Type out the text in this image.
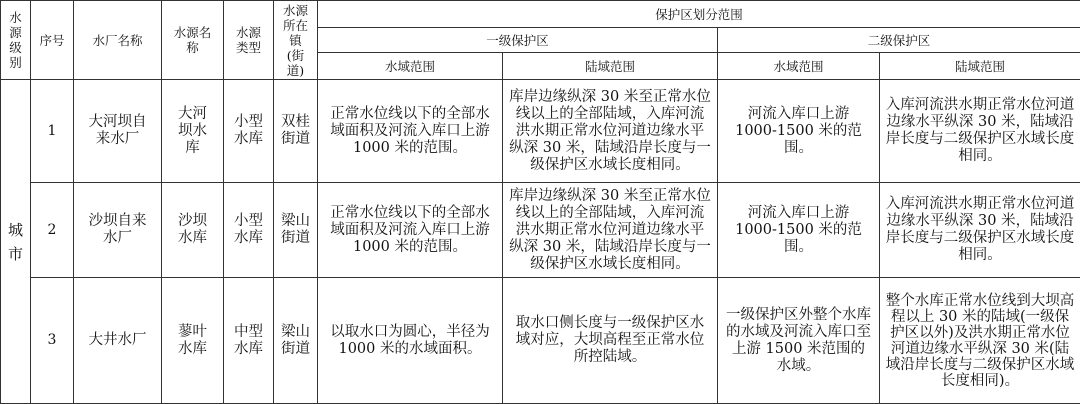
水源级别	序号	水厂名称	水源名称	水源类型	水源所在镇(街道)	保护区划分范围			
						一级保护区		二级保护区	
						水域范围	陆域范围	水域范围	陆域范围
城市	1	大河坝自来水厂	大河坝水库	小型水库	双桂街道	正常水位线以下的全部水域面积及河流入库口上游 1000 米的范围。	库岸边缘纵深 30 米至正常水位线以上的全部陆域，入库河流洪水期正常水位河道边缘水平纵深 30 米，陆域沿岸长度与一级保护区水域长度相同。	河流入库口上游 1000-1500 米的范围。	入库河流洪水期正常水位河道边缘水平纵深 30 米，陆域沿岸长度与二级保护区水域长度相同。
	2	沙坝自来水厂	沙坝水库	小型水库	梁山街道	正常水位线以下的全部水域面积及河流入库口上游 1000 米的范围。	库岸边缘纵深 30 米至正常水位线以上的全部陆域，入库河流洪水期正常水位河道边缘水平纵深 30 米，陆域沿岸长度与一级保护区水域长度相同。	河流入库口上游 1000-1500 米的范围。	入库河流洪水期正常水位河道边缘水平纵深 30 米，陆域沿岸长度与二级保护区水域长度相同。
	3	大井水厂	蓼叶水库	中型水库	梁山街道	以取水口为圆心，半径为 1000 米的水域面积。	取水口侧长度与一级保护区水域对应，大坝高程至正常水位所控陆域。	一级保护区外整个水库的水域及河流入库口至上游 1500 米范围的水域。	整个水库正常水位线到大坝高程以上 30 米的陆域(一级保护区以外)及洪水期正常水位河道边缘水平纵深 30 米(陆域沿岸长度与二级保护区水域长度相同)。
